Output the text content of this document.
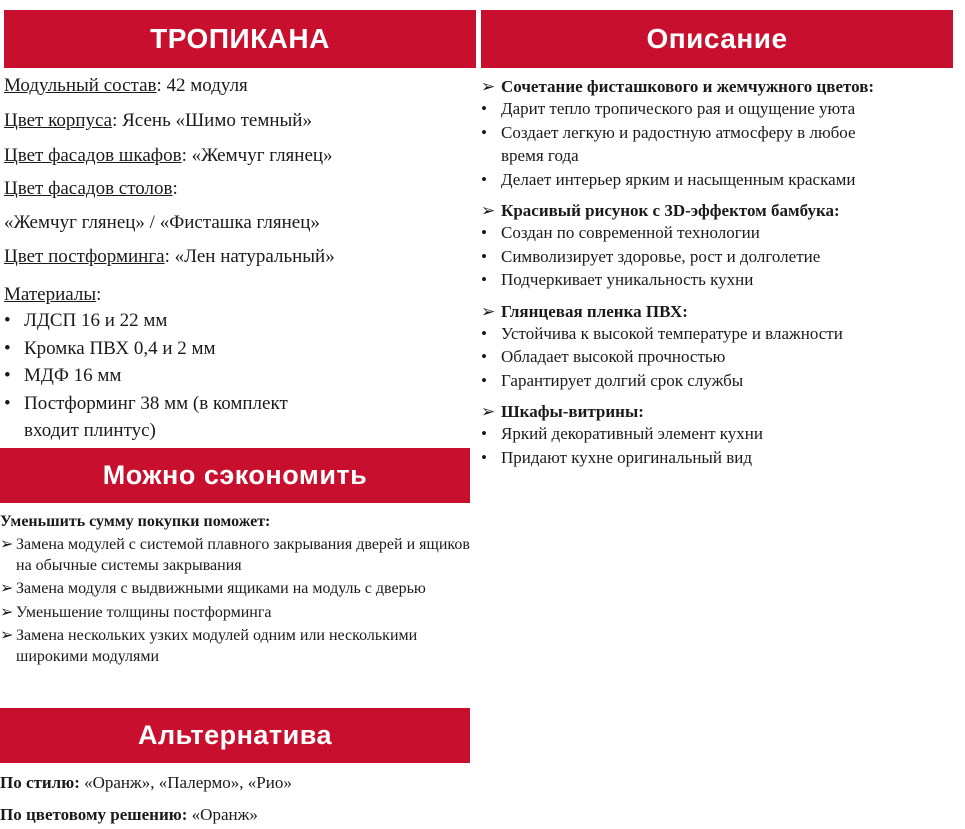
ТРОПИКАНА	Описание
Модульный состав: 42 модуля
Цвет корпуса: Ясень «Шимо темный»
Цвет фасадов шкафов: «Жемчуг глянец»
Цвет фасадов столов:
«Жемчуг глянец» / «Фисташка глянец»
Цвет постформинга: «Лен натуральный»
Материалы:
• ЛДСП 16 и 22 мм
• Кромка ПВХ 0,4 и 2 мм
• МДФ 16 мм
• Постформинг 38 мм (в комплект
входит плинтус)
➢ Сочетание фисташкового и жемчужного цветов:
• Дарит тепло тропического рая и ощущение уюта
• Создает легкую и радостную атмосферу в любое
время года
• Делает интерьер ярким и насыщенным красками
➢ Красивый рисунок с 3D-эффектом бамбука:
• Создан по современной технологии
• Символизирует здоровье, рост и долголетие
• Подчеркивает уникальность кухни
➢ Глянцевая пленка ПВХ:
• Устойчива к высокой температуре и влажности
• Обладает высокой прочностью
• Гарантирует долгий срок службы
➢ Шкафы-витрины:
• Яркий декоративный элемент кухни
• Придают кухне оригинальный вид
Можно сэкономить
Уменьшить сумму покупки поможет:
➢ Замена модулей с системой плавного закрывания дверей и ящиков на обычные системы закрывания
➢ Замена модуля с выдвижными ящиками на модуль с дверью
➢ Уменьшение толщины постформинга
➢ Замена нескольких узких модулей одним или несколькими широкими модулями
Альтернатива
По стилю: «Оранж», «Палермо», «Рио»
По цветовому решению: «Оранж»
